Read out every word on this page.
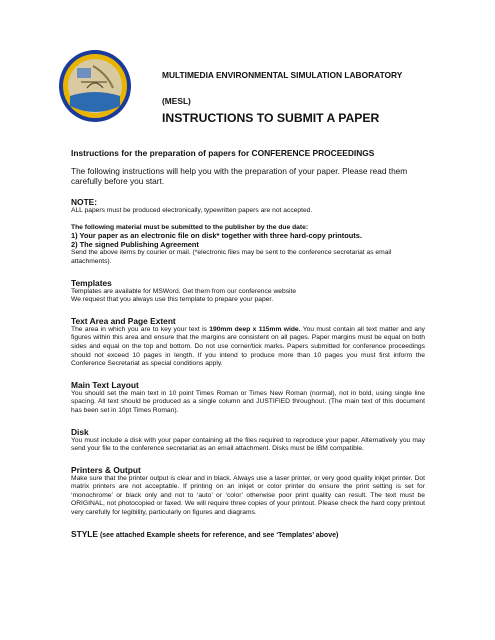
MULTIMEDIA ENVIRONMENTAL SIMULATION LABORATORY
(MESL)
INSTRUCTIONS TO SUBMIT A PAPER

Instructions for the preparation of papers for CONFERENCE PROCEEDINGS

The following instructions will help you with the preparation of your paper. Please read them carefully before you start.

NOTE:

ALL papers must be produced electronically, typewritten papers are not accepted.

The following material must be submitted to the publisher by the due date:

1) Your paper as an electronic file on disk* together with three hard-copy printouts.

2) The signed Publishing Agreement

Send the above items by courier or mail. (*electronic files may be sent to the conference secretariat as email attachments).

Templates

Templates are available for MSWord. Get them from our conference website

We request that you always use this template to prepare your paper.

Text Area and Page Extent

The area in which you are to key your text is 190mm deep x 115mm wide. You must contain all text matter and any figures within this area and ensure that the margins are consistent on all pages. Paper margins must be equal on both sides and equal on the top and bottom. Do not use corner/tick marks. Papers submitted for conference proceedings should not exceed 10 pages in length. If you intend to produce more than 10 pages you must first inform the Conference Secretariat as special conditions apply.

Main Text Layout

You should set the main text in 10 point Times Roman or Times New Roman (normal), not in bold, using single line spacing. All text should be produced as a single column and JUSTIFIED throughout. (The main text of this document has been set in 10pt Times Roman).

Disk

You must include a disk with your paper containing all the files required to reproduce your paper. Alternatively you may send your file to the conference secretariat as an email attachment. Disks must be IBM compatible.

Printers & Output

Make sure that the printer output is clear and in black. Always use a laser printer, or very good quality inkjet printer. Dot matrix printers are not acceptable. If printing on an inkjet or color printer do ensure the print setting is set for ‘monochrome’ or black only and not to ‘auto’ or ‘color’ otherwise poor print quality can result. The text must be ORIGINAL, not photocopied or faxed. We will require three copies of your printout. Please check the hard copy printout very carefully for legibility, particularly on figures and diagrams.

STYLE (see attached Example sheets for reference, and see ‘Templates’ above)
